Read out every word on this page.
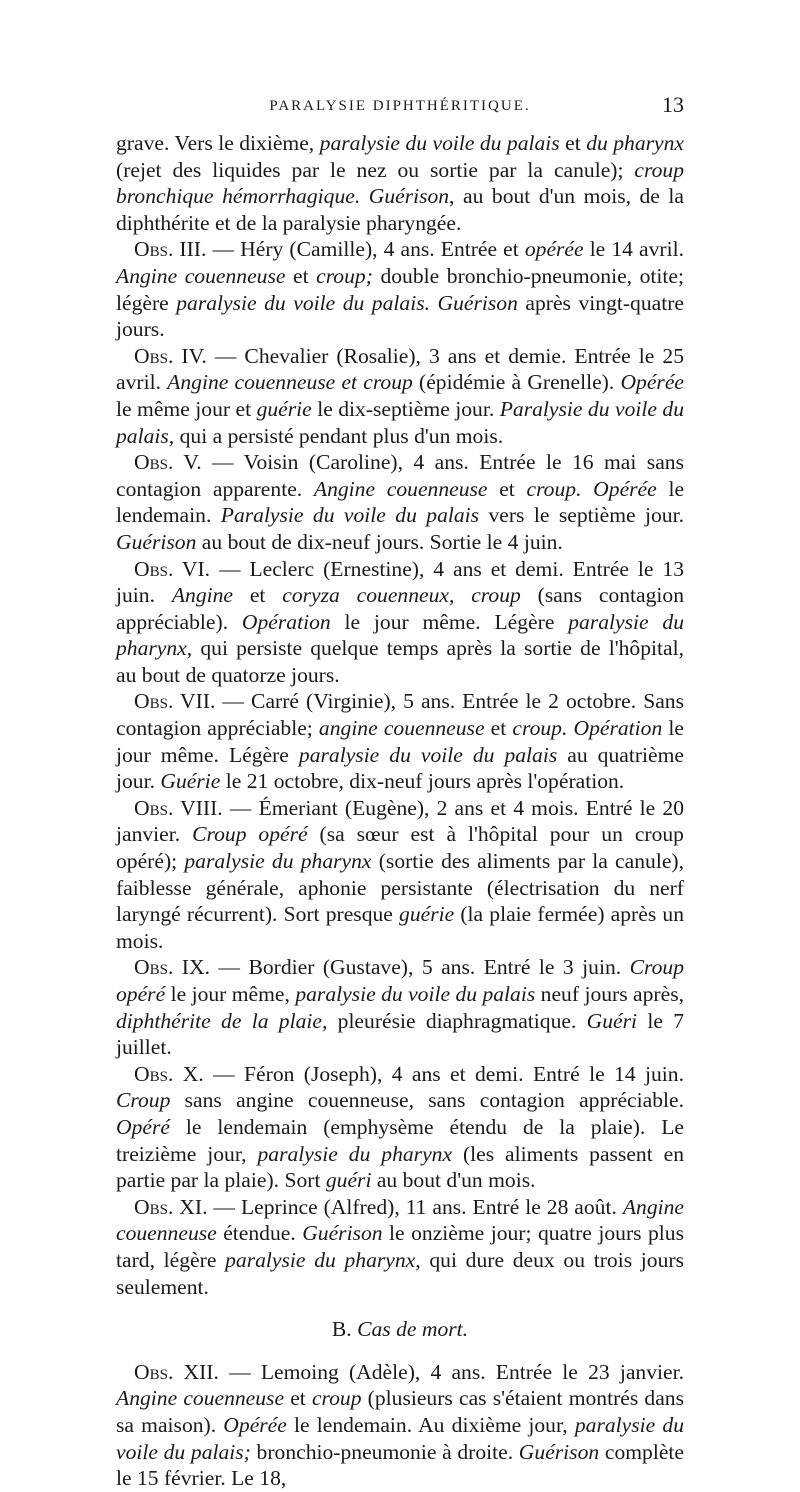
PARALYSIE DIPHTHÉRITIQUE.	13

grave. Vers le dixième, paralysie du voile du palais et du pharynx (rejet des liquides par le nez ou sortie par la canule); croup bronchique hémorrhagique. Guérison, au bout d'un mois, de la diphthérite et de la paralysie pharyngée.

Obs. III. — Héry (Camille), 4 ans. Entrée et opérée le 14 avril. Angine couenneuse et croup; double bronchio-pneumonie, otite; légère paralysie du voile du palais. Guérison après vingt-quatre jours.

Obs. IV. — Chevalier (Rosalie), 3 ans et demie. Entrée le 25 avril. Angine couenneuse et croup (épidémie à Grenelle). Opérée le même jour et guérie le dix-septième jour. Paralysie du voile du palais, qui a persisté pendant plus d'un mois.

Obs. V. — Voisin (Caroline), 4 ans. Entrée le 16 mai sans contagion apparente. Angine couenneuse et croup. Opérée le lendemain. Paralysie du voile du palais vers le septième jour. Guérison au bout de dix-neuf jours. Sortie le 4 juin.

Obs. VI. — Leclerc (Ernestine), 4 ans et demi. Entrée le 13 juin. Angine et coryza couenneux, croup (sans contagion appréciable). Opération le jour même. Légère paralysie du pharynx, qui persiste quelque temps après la sortie de l'hôpital, au bout de quatorze jours.

Obs. VII. — Carré (Virginie), 5 ans. Entrée le 2 octobre. Sans contagion appréciable; angine couenneuse et croup. Opération le jour même. Légère paralysie du voile du palais au quatrième jour. Guérie le 21 octobre, dix-neuf jours après l'opération.

Obs. VIII. — Émeriant (Eugène), 2 ans et 4 mois. Entré le 20 janvier. Croup opéré (sa sœur est à l'hôpital pour un croup opéré); paralysie du pharynx (sortie des aliments par la canule), faiblesse générale, aphonie persistante (électrisation du nerf laryngé récurrent). Sort presque guérie (la plaie fermée) après un mois.

Obs. IX. — Bordier (Gustave), 5 ans. Entré le 3 juin. Croup opéré le jour même, paralysie du voile du palais neuf jours après, diphthérite de la plaie, pleurésie diaphragmatique. Guéri le 7 juillet.

Obs. X. — Féron (Joseph), 4 ans et demi. Entré le 14 juin. Croup sans angine couenneuse, sans contagion appréciable. Opéré le lendemain (emphysème étendu de la plaie). Le treizième jour, paralysie du pharynx (les aliments passent en partie par la plaie). Sort guéri au bout d'un mois.

Obs. XI. — Leprince (Alfred), 11 ans. Entré le 28 août. Angine couenneuse étendue. Guérison le onzième jour; quatre jours plus tard, légère paralysie du pharynx, qui dure deux ou trois jours seulement.

B. Cas de mort.

Obs. XII. — Lemoing (Adèle), 4 ans. Entrée le 23 janvier. Angine couenneuse et croup (plusieurs cas s'étaient montrés dans sa maison). Opérée le lendemain. Au dixième jour, paralysie du voile du palais; bronchio-pneumonie à droite. Guérison complète le 15 février. Le 18,
